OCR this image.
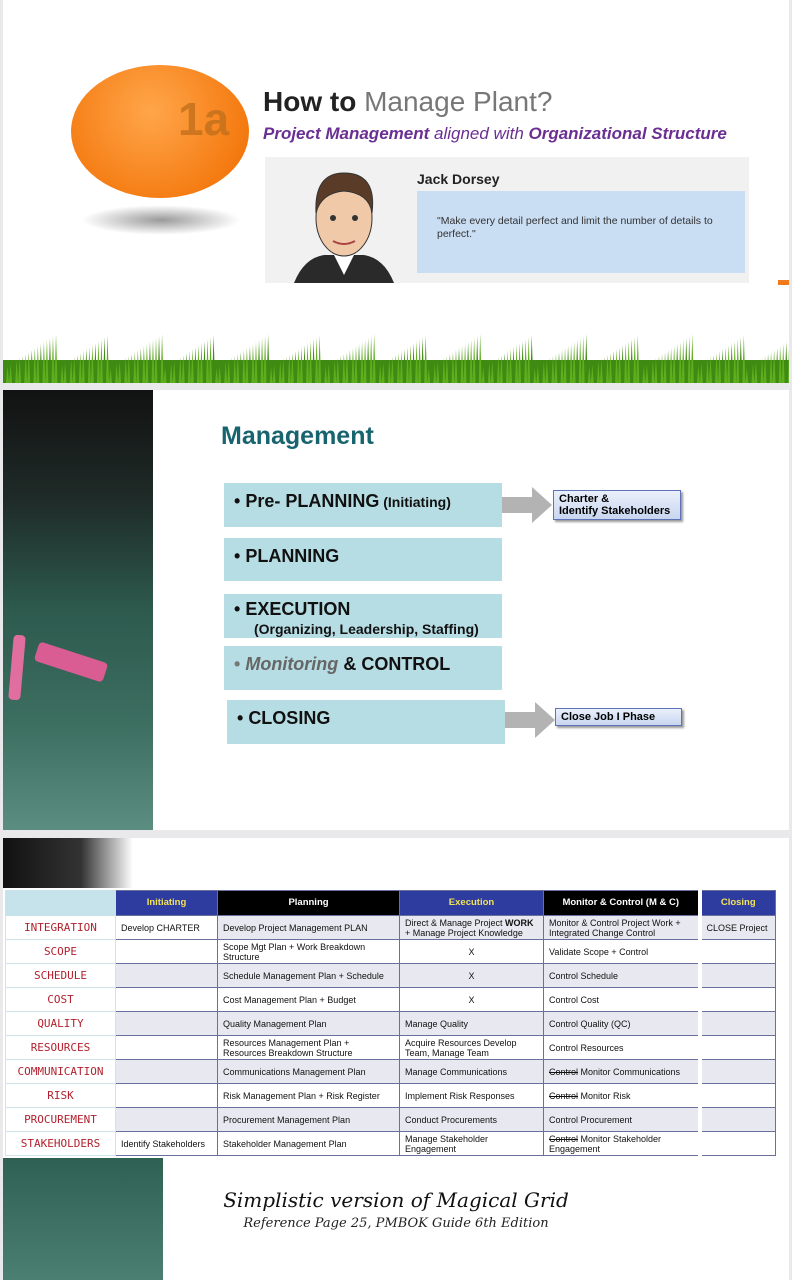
1a How to Manage Plant?
Project Management aligned with Organizational Structure
Jack Dorsey
"Make every detail perfect and limit the number of details to perfect."
Management
• Pre- PLANNING (Initiating)
• PLANNING
• EXECUTION
(Organizing, Leadership, Staffing)
• Monitoring & CONTROL
• CLOSING
Charter &
Identify Stakeholders
Close Job I Phase
	Initiating	Planning	Execution	Monitor & Control (M & C)	Closing
INTEGRATION	Develop CHARTER	Develop Project Management PLAN	Direct & Manage Project WORK + Manage Project Knowledge	Monitor & Control Project Work + Integrated Change Control	CLOSE Project
SCOPE		Scope Mgt Plan + Work Breakdown Structure	X	Validate Scope + Control	
SCHEDULE		Schedule Management Plan + Schedule	X	Control Schedule	
COST		Cost Management Plan + Budget	X	Control Cost	
QUALITY		Quality Management Plan	Manage Quality	Control Quality (QC)	
RESOURCES		Resources Management Plan + Resources Breakdown Structure	Acquire Resources Develop Team, Manage Team	Control Resources	
COMMUNICATION		Communications Management Plan	Manage Communications	Control Monitor Communications	
RISK		Risk Management Plan + Risk Register	Implement Risk Responses	Control Monitor Risk	
PROCUREMENT		Procurement Management Plan	Conduct Procurements	Control Procurement	
STAKEHOLDERS	Identify Stakeholders	Stakeholder Management Plan	Manage Stakeholder Engagement	Control Monitor Stakeholder Engagement	
Simplistic version of Magical Grid
Reference Page 25, PMBOK Guide 6th Edition
